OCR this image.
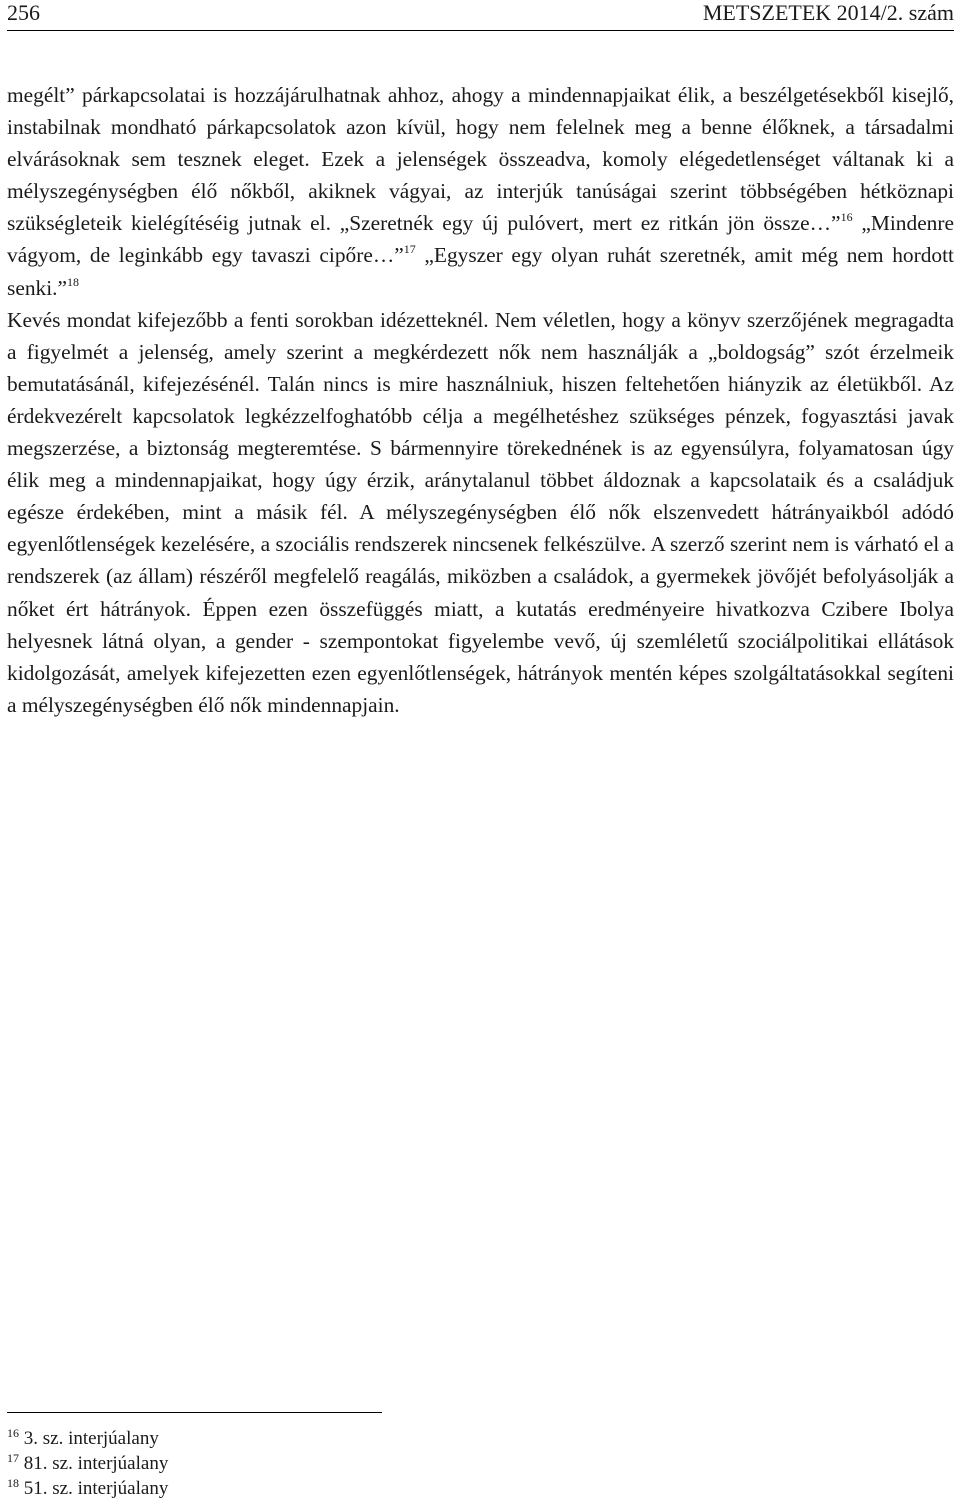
256	METSZETEK 2014/2. szám

megélt” párkapcsolatai is hozzájárulhatnak ahhoz, ahogy a mindennapjaikat élik, a beszélgetésekből kisejlő, instabilnak mondható párkapcsolatok azon kívül, hogy nem felelnek meg a benne élőknek, a társadalmi elvárásoknak sem tesznek eleget. Ezek a jelenségek összeadva, komoly elégedetlenséget váltanak ki a mélyszegénységben élő nőkből, akiknek vágyai, az interjúk tanúságai szerint többségében hétköznapi szükségleteik kielégítéséig jutnak el. „Szeretnék egy új pulóvert, mert ez ritkán jön össze…”$^{16}$ „Mindenre vágyom, de leginkább egy tavaszi cipőre…”$^{17}$ „Egyszer egy olyan ruhát szeretnék, amit még nem hordott senki.”$^{18}$

Kevés mondat kifejezőbb a fenti sorokban idézetteknél. Nem véletlen, hogy a könyv szerzőjének megragadta a figyelmét a jelenség, amely szerint a megkérdezett nők nem használják a „boldogság” szót érzelmeik bemutatásánál, kifejezésénél. Talán nincs is mire használniuk, hiszen feltehetően hiányzik az életükből. Az érdekvezérelt kapcsolatok legkézzelfoghatóbb célja a megélhetéshez szükséges pénzek, fogyasztási javak megszerzése, a biztonság megteremtése. S bármennyire törekednének is az egyensúlyra, folyamatosan úgy élik meg a mindennapjaikat, hogy úgy érzik, aránytalanul többet áldoznak a kapcsolataik és a családjuk egésze érdekében, mint a másik fél. A mélyszegénységben élő nők elszenvedett hátrányaikból adódó egyenlőtlenségek kezelésére, a szociális rendszerek nincsenek felkészülve. A szerző szerint nem is várható el a rendszerek (az állam) részéről megfelelő reagálás, miközben a családok, a gyermekek jövőjét befolyásolják a nőket ért hátrányok. Éppen ezen összefüggés miatt, a kutatás eredményeire hivatkozva Czibere Ibolya helyesnek látná olyan, a gender - szempontokat figyelembe vevő, új szemléletű szociálpolitikai ellátások kidolgozását, amelyek kifejezetten ezen egyenlőtlenségek, hátrányok mentén képes szolgáltatásokkal segíteni a mélyszegénységben élő nők mindennapjain.

$^{16}$ 3. sz. interjúalany
$^{17}$ 81. sz. interjúalany
$^{18}$ 51. sz. interjúalany
